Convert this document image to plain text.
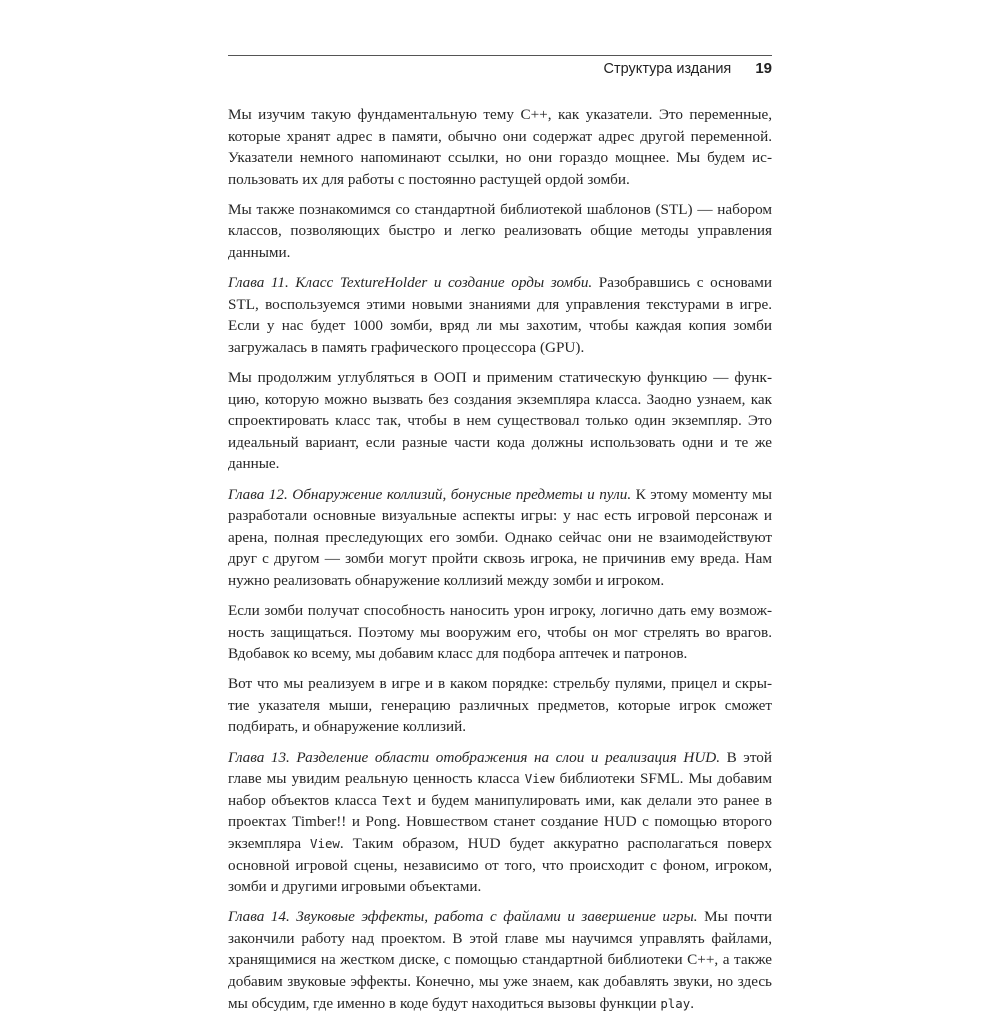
Структура издания 19

Мы изучим такую фундаментальную тему C++, как указатели. Это переменные, которые хранят адрес в памяти, обычно они содержат адрес другой переменной. Указатели немного напоминают ссылки, но они гораздо мощнее. Мы будем использовать их для работы с постоянно растущей ордой зомби.

Мы также познакомимся со стандартной библиотекой шаблонов (STL) — набором классов, позволяющих быстро и легко реализовать общие методы управления данными.

Глава 11. Класс TextureHolder и создание орды зомби. Разобравшись с основами STL, воспользуемся этими новыми знаниями для управления текстурами в игре. Если у нас будет 1000 зомби, вряд ли мы захотим, чтобы каждая копия зомби загружалась в память графического процессора (GPU).

Мы продолжим углубляться в ООП и применим статическую функцию — функцию, которую можно вызвать без создания экземпляра класса. Заодно узнаем, как спроектировать класс так, чтобы в нем существовал только один экземпляр. Это идеальный вариант, если разные части кода должны использовать одни и те же данные.

Глава 12. Обнаружение коллизий, бонусные предметы и пули. К этому моменту мы разработали основные визуальные аспекты игры: у нас есть игровой персонаж и арена, полная преследующих его зомби. Однако сейчас они не взаимодействуют друг с другом — зомби могут пройти сквозь игрока, не причинив ему вреда. Нам нужно реализовать обнаружение коллизий между зомби и игроком.

Если зомби получат способность наносить урон игроку, логично дать ему возможность защищаться. Поэтому мы вооружим его, чтобы он мог стрелять во врагов. Вдобавок ко всему, мы добавим класс для подбора аптечек и патронов.

Вот что мы реализуем в игре и в каком порядке: стрельбу пулями, прицел и скрытие указателя мыши, генерацию различных предметов, которые игрок сможет подбирать, и обнаружение коллизий.

Глава 13. Разделение области отображения на слои и реализация HUD. В этой главе мы увидим реальную ценность класса View библиотеки SFML. Мы добавим набор объектов класса Text и будем манипулировать ими, как делали это ранее в проектах Timber!! и Pong. Новшеством станет создание HUD с помощью второго экземпляра View. Таким образом, HUD будет аккуратно располагаться поверх основной игровой сцены, независимо от того, что происходит с фоном, игроком, зомби и другими игровыми объектами.

Глава 14. Звуковые эффекты, работа с файлами и завершение игры. Мы почти закончили работу над проектом. В этой главе мы научимся управлять файлами, хранящимися на жестком диске, с помощью стандартной библиотеки C++, а также добавим звуковые эффекты. Конечно, мы уже знаем, как добавлять звуки, но здесь мы обсудим, где именно в коде будут находиться вызовы функции play.
